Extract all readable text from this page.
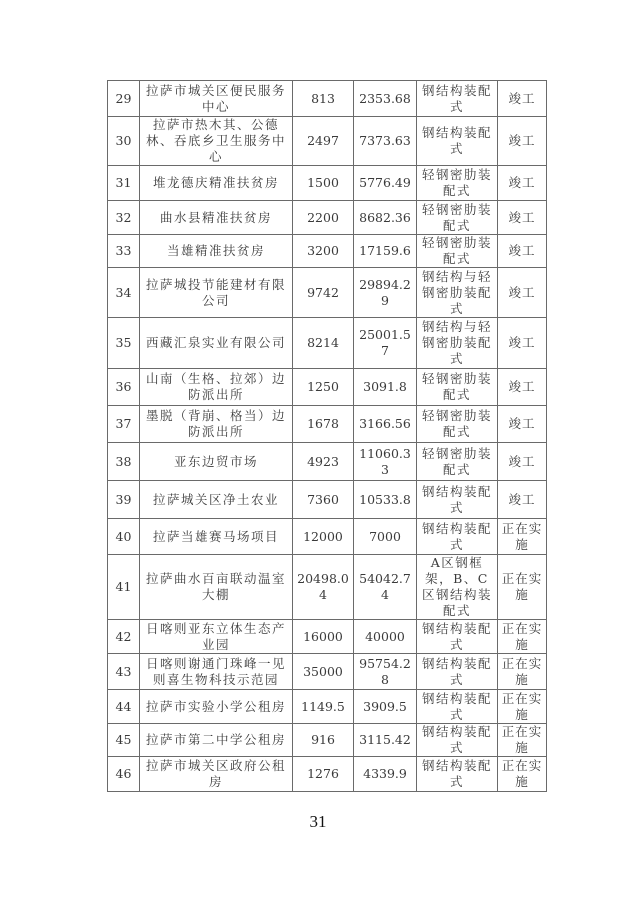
29	拉萨市城关区便民服务中心	813	2353.68	钢结构装配式	竣工
30	拉萨市热木其、公德林、吞底乡卫生服务中心	2497	7373.63	钢结构装配式	竣工
31	堆龙德庆精准扶贫房	1500	5776.49	轻钢密肋装配式	竣工
32	曲水县精准扶贫房	2200	8682.36	轻钢密肋装配式	竣工
33	当雄精准扶贫房	3200	17159.6	轻钢密肋装配式	竣工
34	拉萨城投节能建材有限公司	9742	29894.29	钢结构与轻钢密肋装配式	竣工
35	西藏汇泉实业有限公司	8214	25001.57	钢结构与轻钢密肋装配式	竣工
36	山南（生格、拉郊）边防派出所	1250	3091.8	轻钢密肋装配式	竣工
37	墨脱（背崩、格当）边防派出所	1678	3166.56	轻钢密肋装配式	竣工
38	亚东边贸市场	4923	11060.33	轻钢密肋装配式	竣工
39	拉萨城关区净土农业	7360	10533.8	钢结构装配式	竣工
40	拉萨当雄赛马场项目	12000	7000	钢结构装配式	正在实施
41	拉萨曲水百亩联动温室大棚	20498.04	54042.74	A区钢框架，B、C区钢结构装配式	正在实施
42	日喀则亚东立体生态产业园	16000	40000	钢结构装配式	正在实施
43	日喀则谢通门珠峰一见则喜生物科技示范园	35000	95754.28	钢结构装配式	正在实施
44	拉萨市实验小学公租房	1149.5	3909.5	钢结构装配式	正在实施
45	拉萨市第二中学公租房	916	3115.42	钢结构装配式	正在实施
46	拉萨市城关区政府公租房	1276	4339.9	钢结构装配式	正在实施
31
